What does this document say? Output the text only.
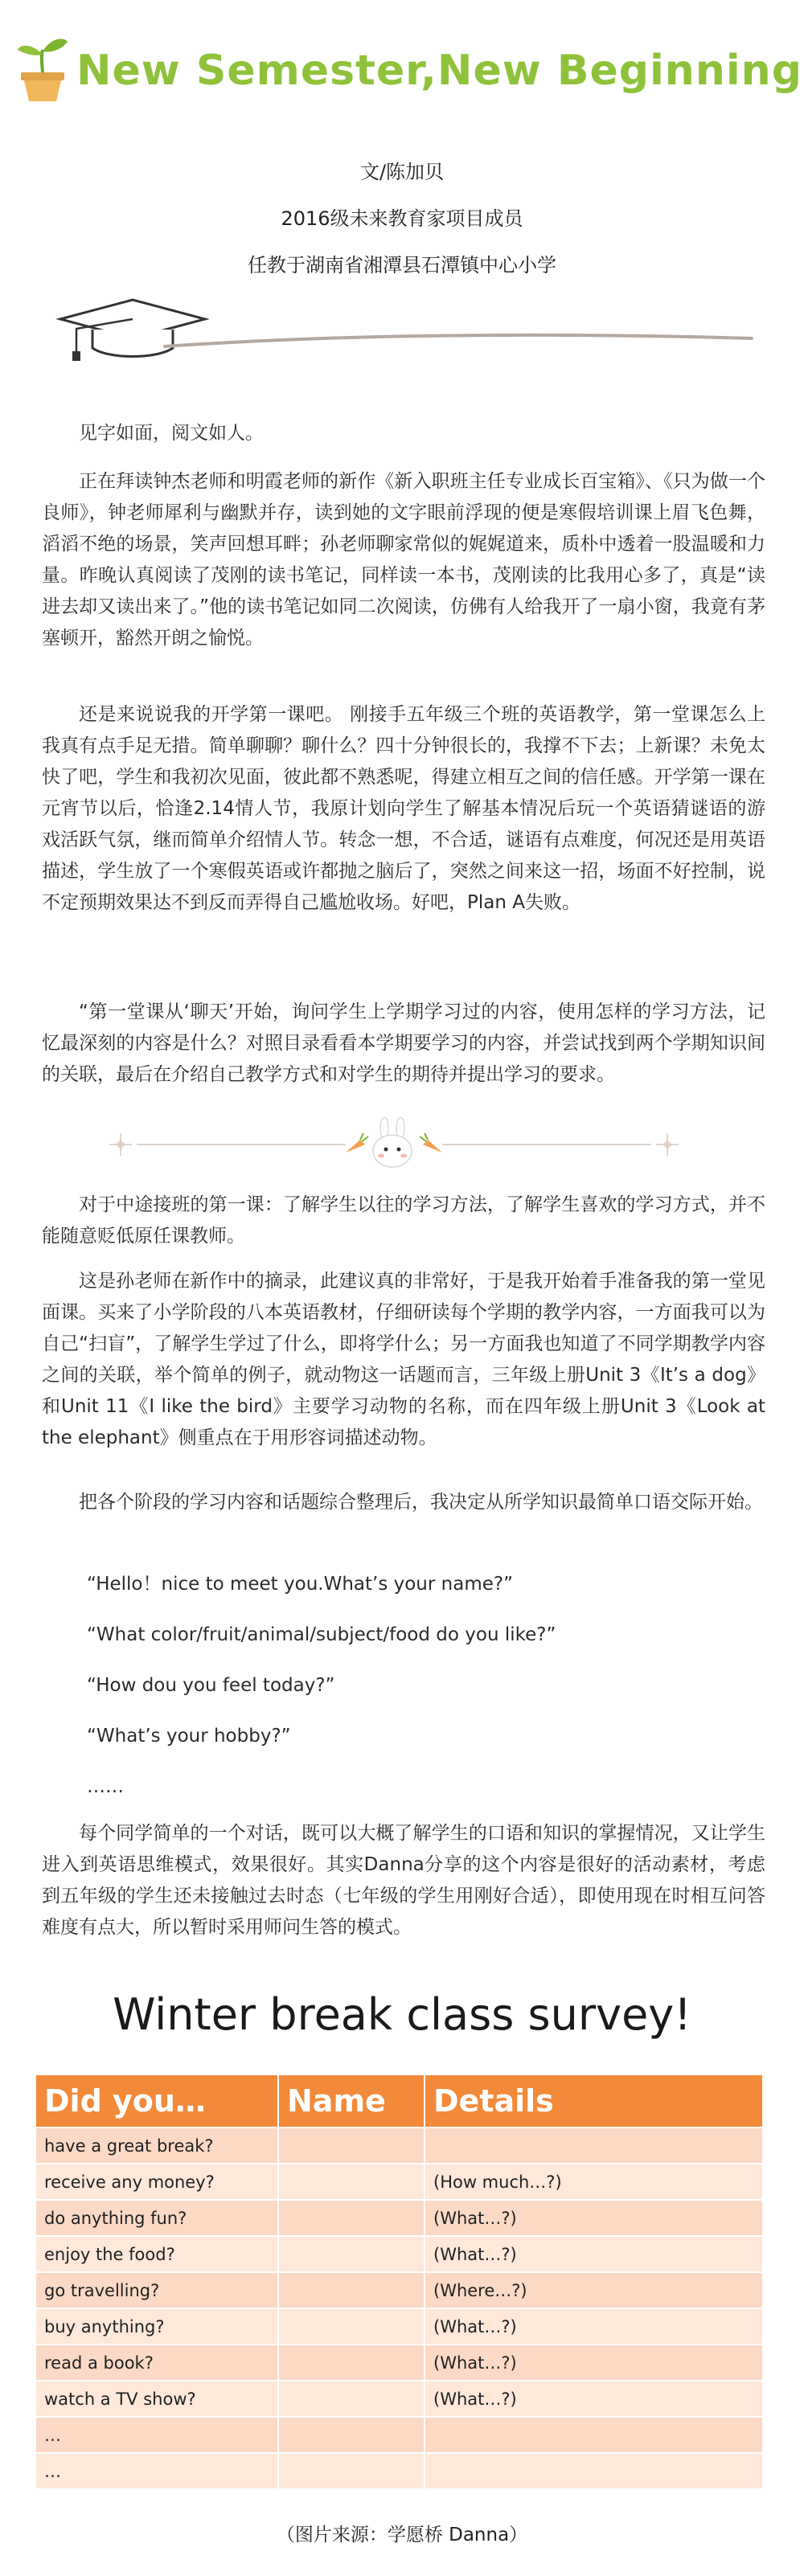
New Semester,New Beginning
文/陈加贝
2016级未来教育家项目成员
任教于湖南省湘潭县石潭镇中心小学

见字如面，阅文如人。

正在拜读钟杰老师和明霞老师的新作《新入职班主任专业成长百宝箱》、《只为做一个良师》，钟老师犀利与幽默并存，读到她的文字眼前浮现的便是寒假培训课上眉飞色舞，滔滔不绝的场景，笑声回想耳畔；孙老师聊家常似的娓娓道来，质朴中透着一股温暖和力量。昨晚认真阅读了茂刚的读书笔记，同样读一本书，茂刚读的比我用心多了，真是“读进去却又读出来了。”他的读书笔记如同二次阅读，仿佛有人给我开了一扇小窗，我竟有茅塞顿开，豁然开朗之愉悦。

还是来说说我的开学第一课吧。 刚接手五年级三个班的英语教学，第一堂课怎么上我真有点手足无措。简单聊聊？聊什么？四十分钟很长的，我撑不下去；上新课？未免太快了吧，学生和我初次见面，彼此都不熟悉呢，得建立相互之间的信任感。开学第一课在元宵节以后，恰逢2.14情人节，我原计划向学生了解基本情况后玩一个英语猜谜语的游戏活跃气氛，继而简单介绍情人节。转念一想，不合适，谜语有点难度，何况还是用英语描述，学生放了一个寒假英语或许都抛之脑后了，突然之间来这一招，场面不好控制，说不定预期效果达不到反而弄得自己尴尬收场。好吧，Plan A失败。

“第一堂课从‘聊天’开始，询问学生上学期学习过的内容，使用怎样的学习方法，记忆最深刻的内容是什么？对照目录看看本学期要学习的内容，并尝试找到两个学期知识间的关联，最后在介绍自己教学方式和对学生的期待并提出学习的要求。

对于中途接班的第一课：了解学生以往的学习方法，了解学生喜欢的学习方式，并不能随意贬低原任课教师。

这是孙老师在新作中的摘录，此建议真的非常好，于是我开始着手准备我的第一堂见面课。买来了小学阶段的八本英语教材，仔细研读每个学期的教学内容，一方面我可以为自己“扫盲”，了解学生学过了什么，即将学什么；另一方面我也知道了不同学期教学内容之间的关联，举个简单的例子，就动物这一话题而言，三年级上册Unit 3《It’s a dog》和Unit 11《I like the bird》主要学习动物的名称，而在四年级上册Unit 3《Look at the elephant》侧重点在于用形容词描述动物。

把各个阶段的学习内容和话题综合整理后，我决定从所学知识最简单口语交际开始。

“Hello！nice to meet you.What’s your name?”
“What color/fruit/animal/subject/food do you like?”
“How dou you feel today?”
“What’s your hobby?”
……

每个同学简单的一个对话，既可以大概了解学生的口语和知识的掌握情况，又让学生进入到英语思维模式，效果很好。其实Danna分享的这个内容是很好的活动素材，考虑到五年级的学生还未接触过去时态（七年级的学生用刚好合适），即使用现在时相互问答难度有点大，所以暂时采用师问生答的模式。

Winter break class survey!
Did you…	Name	Details
have a great break?		
receive any money?		(How much…?)
do anything fun?		(What…?)
enjoy the food?		(What…?)
go travelling?		(Where…?)
buy anything?		(What…?)
read a book?		(What…?)
watch a TV show?		(What…?)
…		
…		
（图片来源：学愿桥 Danna）
